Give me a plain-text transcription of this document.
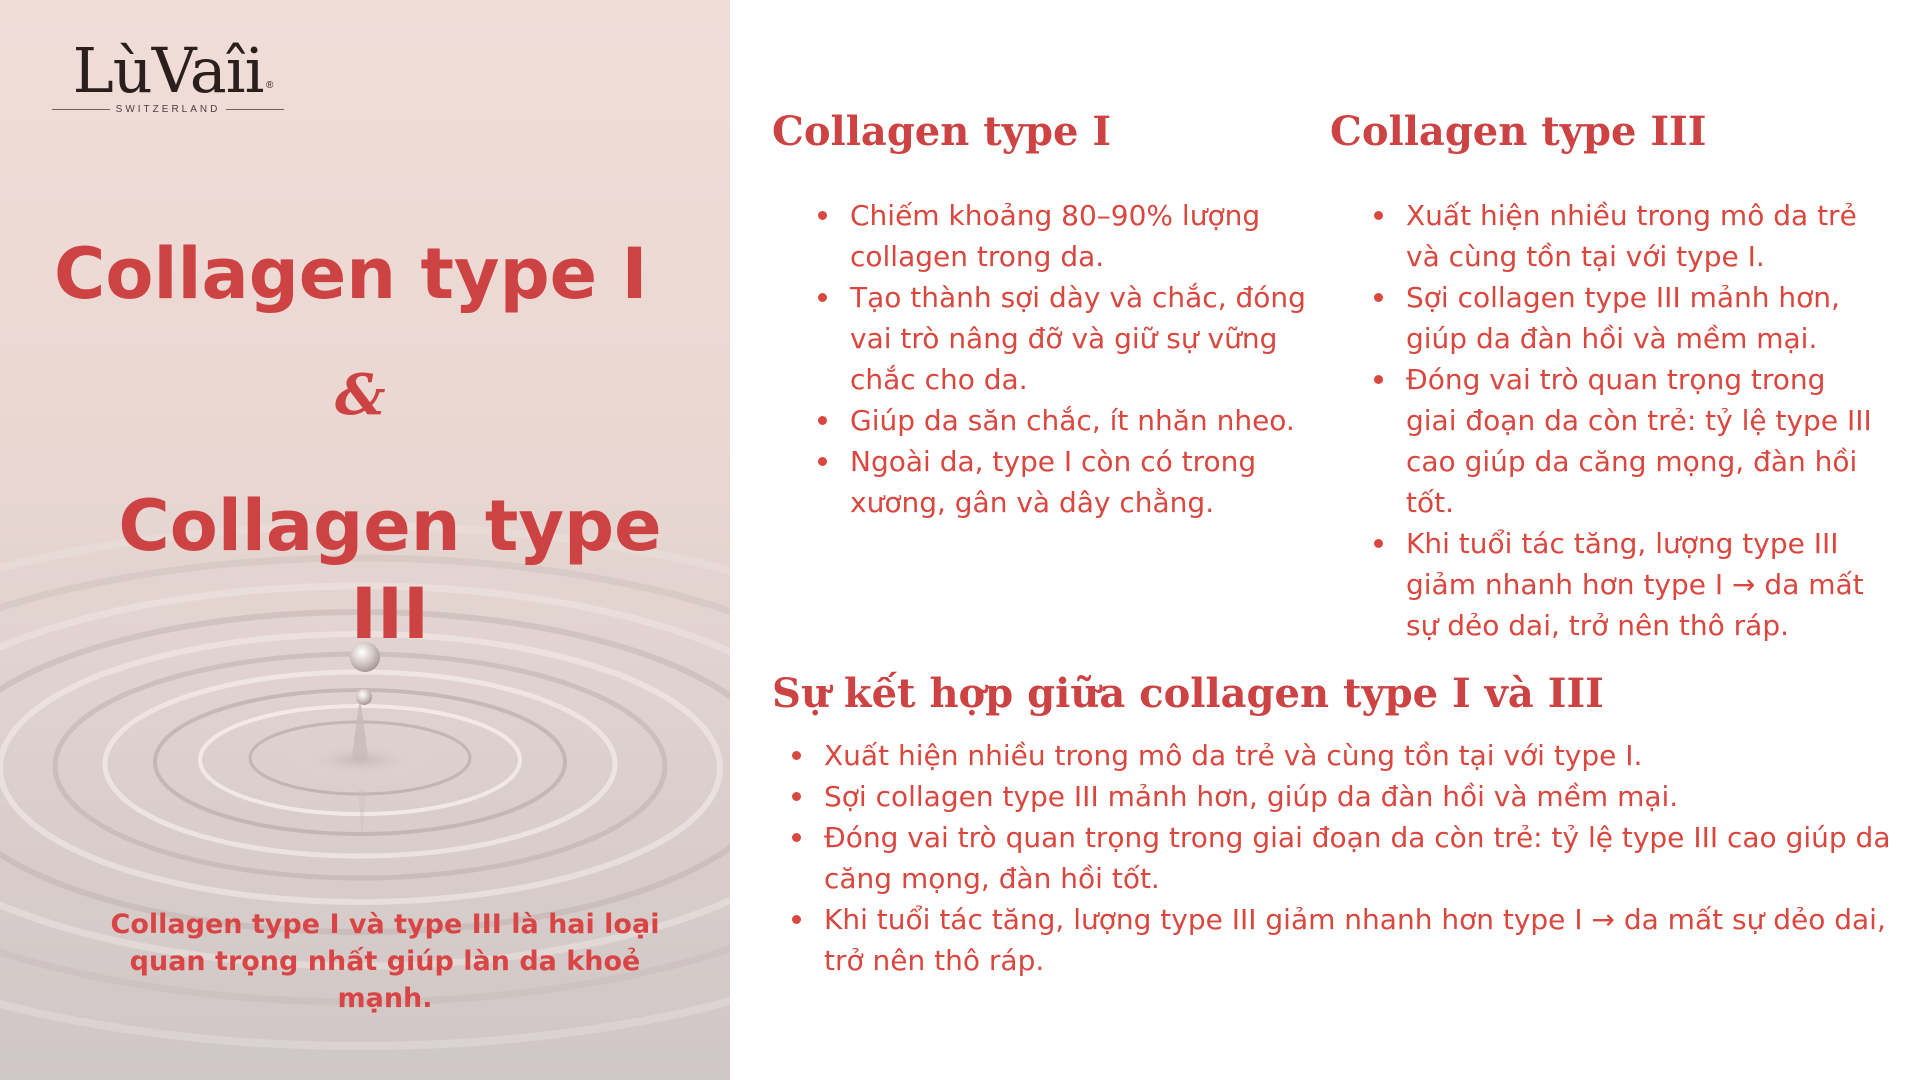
LùVaîi ®
SWITZERLAND
Collagen type I
&
Collagen type III

Collagen type I và type III là hai loại quan trọng nhất giúp làn da khoẻ mạnh.

Collagen type I
Chiếm khoảng 80–90% lượng collagen trong da.
Tạo thành sợi dày và chắc, đóng vai trò nâng đỡ và giữ sự vững chắc cho da.
Giúp da săn chắc, ít nhăn nheo.
Ngoài da, type I còn có trong xương, gân và dây chằng.
Collagen type III
Xuất hiện nhiều trong mô da trẻ và cùng tồn tại với type I.
Sợi collagen type III mảnh hơn, giúp da đàn hồi và mềm mại.
Đóng vai trò quan trọng trong giai đoạn da còn trẻ: tỷ lệ type III cao giúp da căng mọng, đàn hồi tốt.
Khi tuổi tác tăng, lượng type III giảm nhanh hơn type I → da mất sự dẻo dai, trở nên thô ráp.
Sự kết hợp giữa collagen type I và III
Xuất hiện nhiều trong mô da trẻ và cùng tồn tại với type I.
Sợi collagen type III mảnh hơn, giúp da đàn hồi và mềm mại.
Đóng vai trò quan trọng trong giai đoạn da còn trẻ: tỷ lệ type III cao giúp da căng mọng, đàn hồi tốt.
Khi tuổi tác tăng, lượng type III giảm nhanh hơn type I → da mất sự dẻo dai, trở nên thô ráp.
